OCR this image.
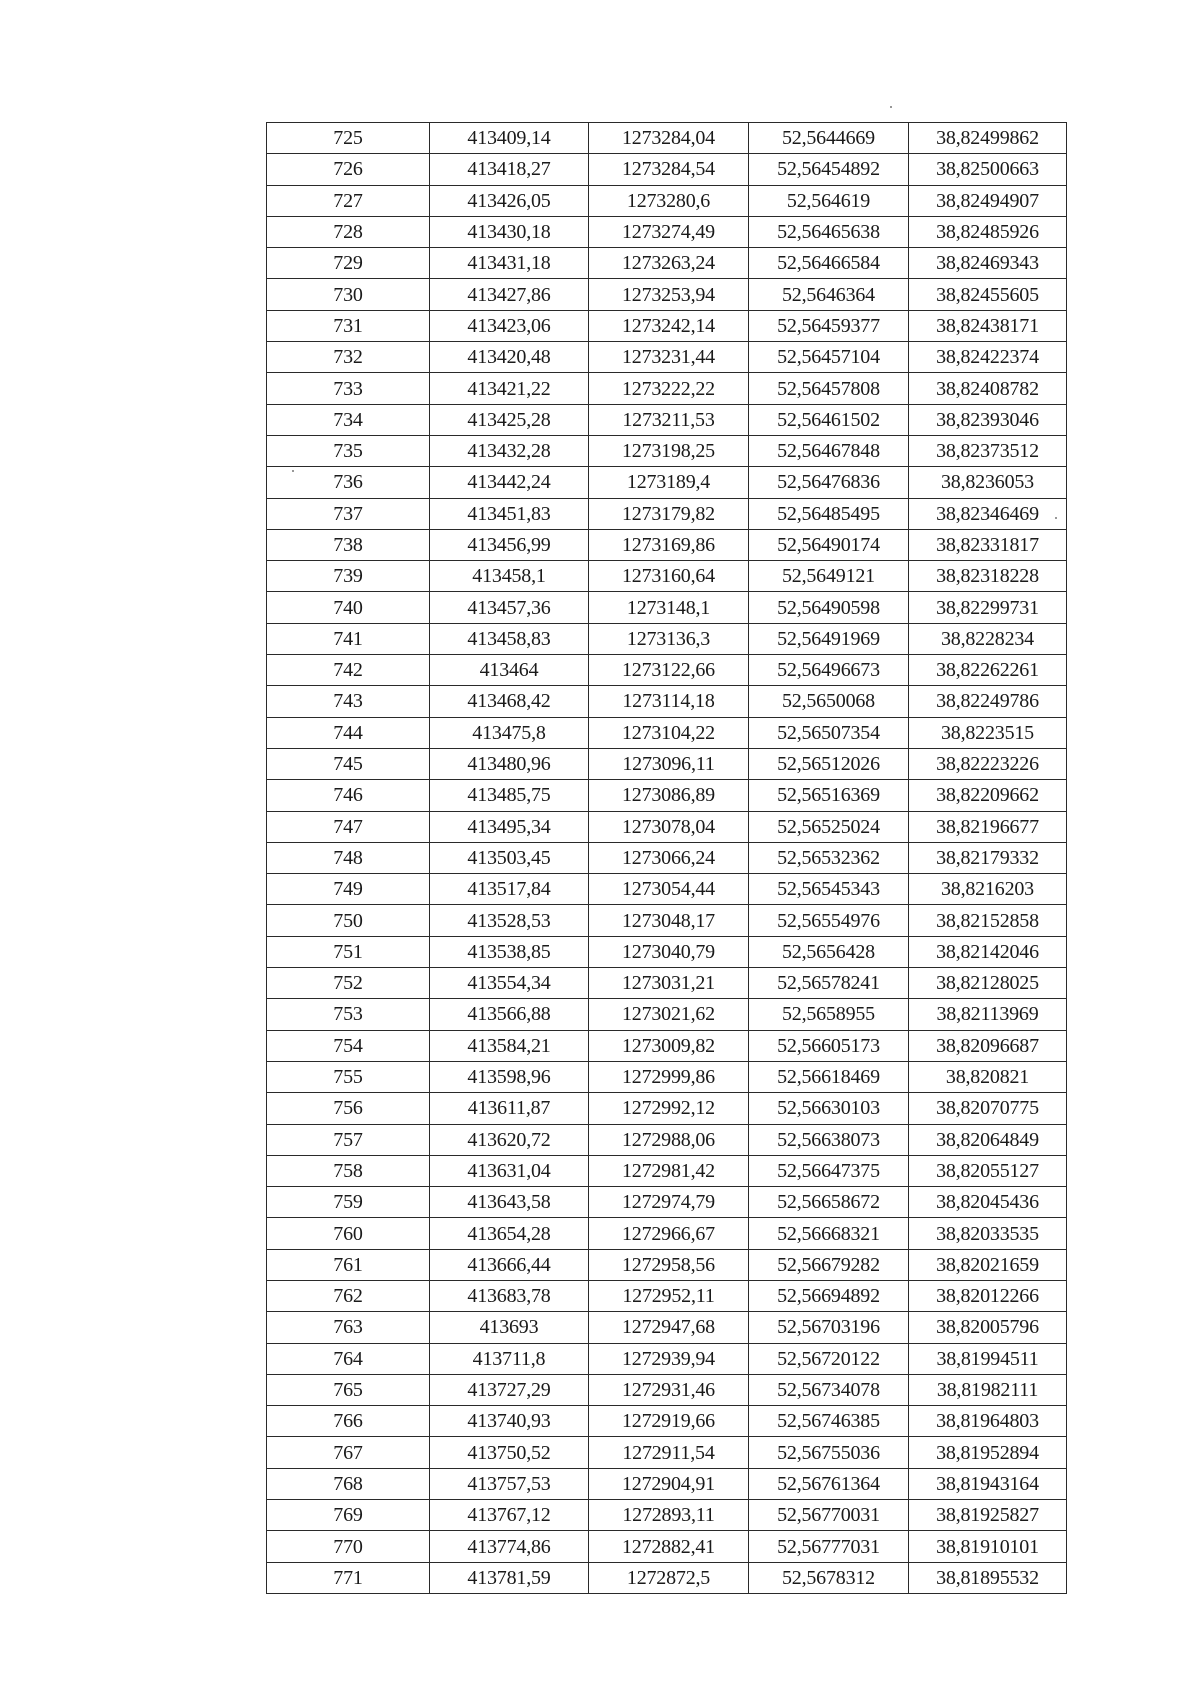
725	413409,14	1273284,04	52,5644669	38,82499862
726	413418,27	1273284,54	52,56454892	38,82500663
727	413426,05	1273280,6	52,564619	38,82494907
728	413430,18	1273274,49	52,56465638	38,82485926
729	413431,18	1273263,24	52,56466584	38,82469343
730	413427,86	1273253,94	52,5646364	38,82455605
731	413423,06	1273242,14	52,56459377	38,82438171
732	413420,48	1273231,44	52,56457104	38,82422374
733	413421,22	1273222,22	52,56457808	38,82408782
734	413425,28	1273211,53	52,56461502	38,82393046
735	413432,28	1273198,25	52,56467848	38,82373512
736	413442,24	1273189,4	52,56476836	38,8236053
737	413451,83	1273179,82	52,56485495	38,82346469
738	413456,99	1273169,86	52,56490174	38,82331817
739	413458,1	1273160,64	52,5649121	38,82318228
740	413457,36	1273148,1	52,56490598	38,82299731
741	413458,83	1273136,3	52,56491969	38,8228234
742	413464	1273122,66	52,56496673	38,82262261
743	413468,42	1273114,18	52,5650068	38,82249786
744	413475,8	1273104,22	52,56507354	38,8223515
745	413480,96	1273096,11	52,56512026	38,82223226
746	413485,75	1273086,89	52,56516369	38,82209662
747	413495,34	1273078,04	52,56525024	38,82196677
748	413503,45	1273066,24	52,56532362	38,82179332
749	413517,84	1273054,44	52,56545343	38,8216203
750	413528,53	1273048,17	52,56554976	38,82152858
751	413538,85	1273040,79	52,5656428	38,82142046
752	413554,34	1273031,21	52,56578241	38,82128025
753	413566,88	1273021,62	52,5658955	38,82113969
754	413584,21	1273009,82	52,56605173	38,82096687
755	413598,96	1272999,86	52,56618469	38,820821
756	413611,87	1272992,12	52,56630103	38,82070775
757	413620,72	1272988,06	52,56638073	38,82064849
758	413631,04	1272981,42	52,56647375	38,82055127
759	413643,58	1272974,79	52,56658672	38,82045436
760	413654,28	1272966,67	52,56668321	38,82033535
761	413666,44	1272958,56	52,56679282	38,82021659
762	413683,78	1272952,11	52,56694892	38,82012266
763	413693	1272947,68	52,56703196	38,82005796
764	413711,8	1272939,94	52,56720122	38,81994511
765	413727,29	1272931,46	52,56734078	38,81982111
766	413740,93	1272919,66	52,56746385	38,81964803
767	413750,52	1272911,54	52,56755036	38,81952894
768	413757,53	1272904,91	52,56761364	38,81943164
769	413767,12	1272893,11	52,56770031	38,81925827
770	413774,86	1272882,41	52,56777031	38,81910101
771	413781,59	1272872,5	52,5678312	38,81895532
